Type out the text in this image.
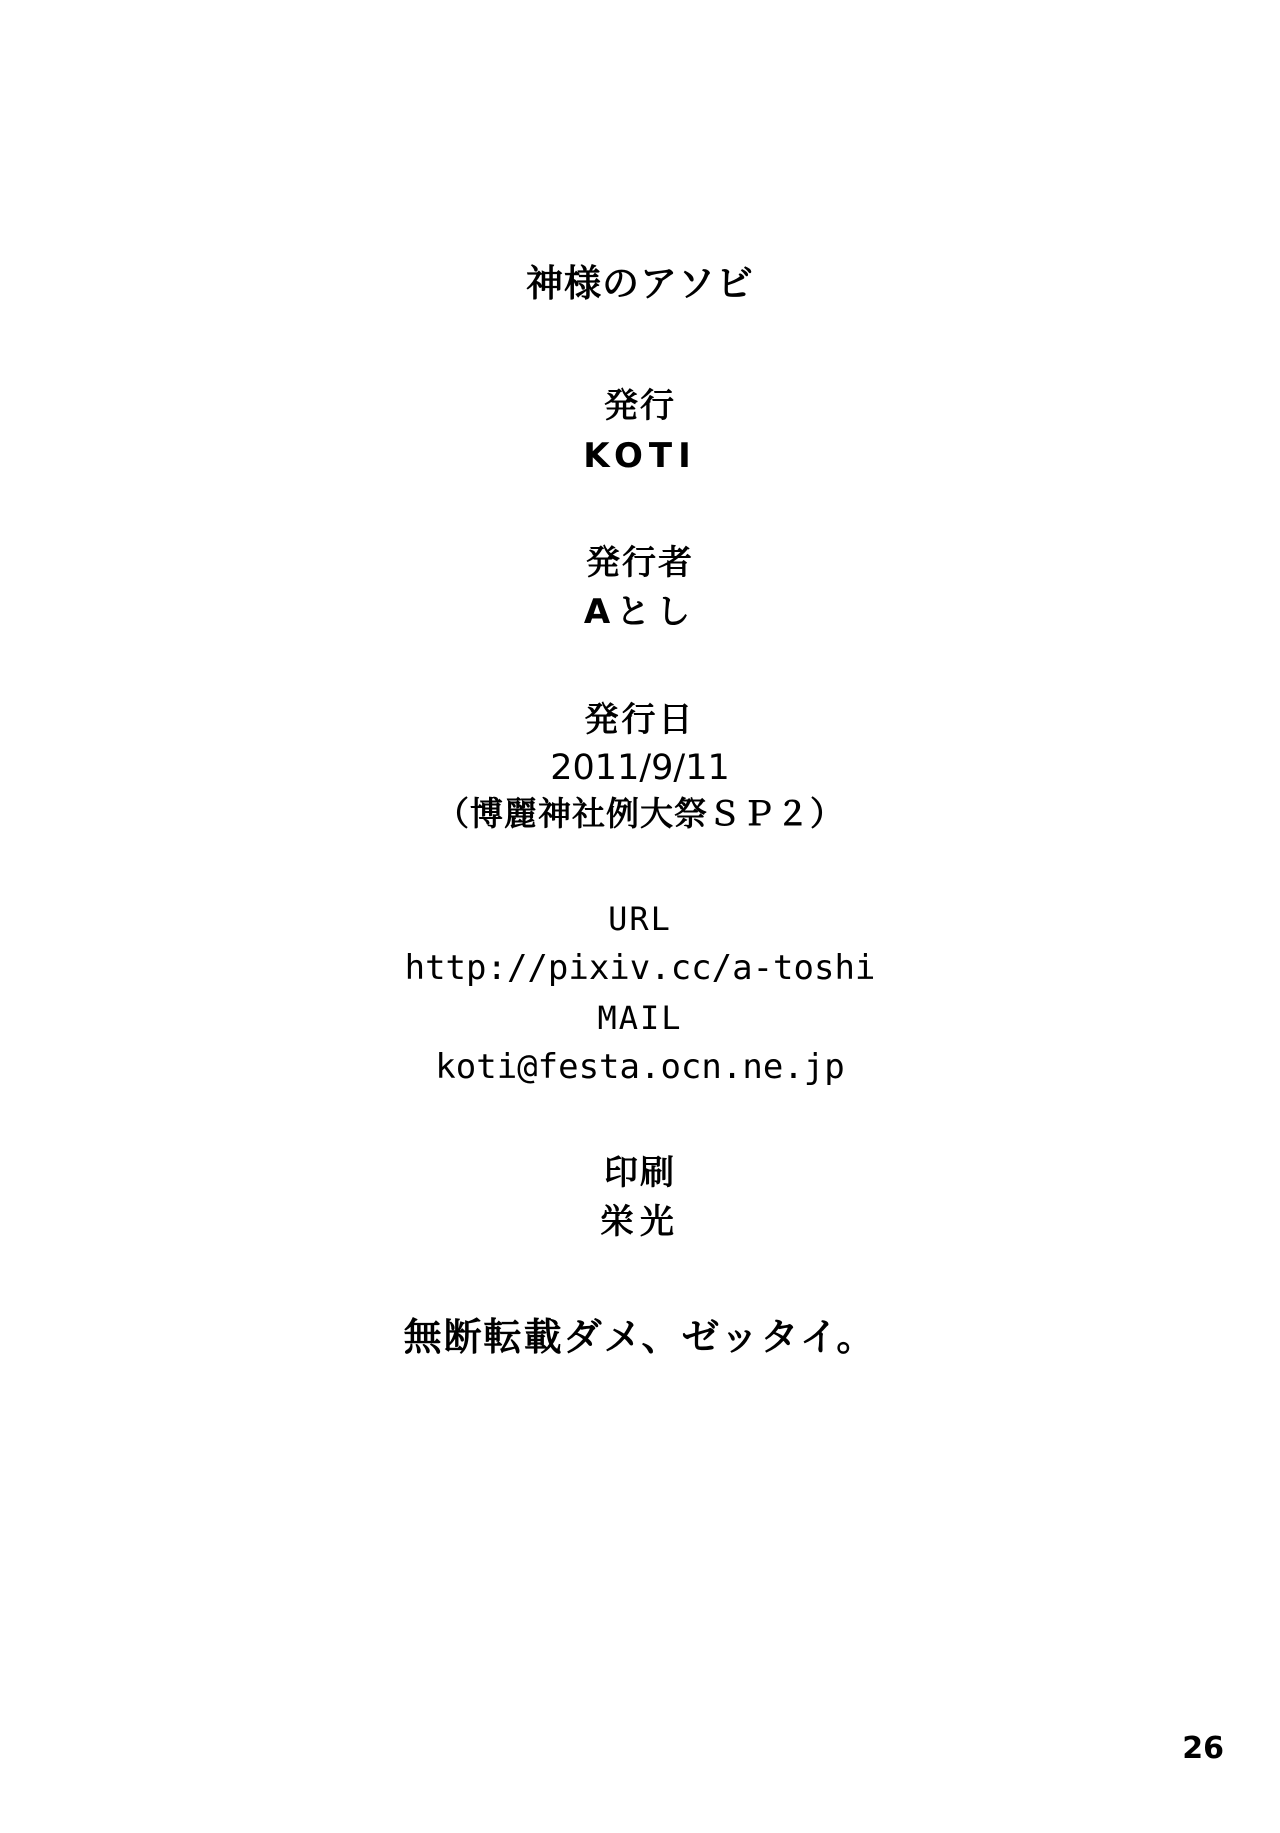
神様のアソビ
発行
KOTI
発行者
Aとし
発行日
2011/9/11
（博麗神社例大祭ＳＰ２）
URL
http://pixiv.cc/a-toshi
MAIL
koti@festa.ocn.ne.jp
印刷
栄光
無断転載ダメ、ゼッタイ。
26
